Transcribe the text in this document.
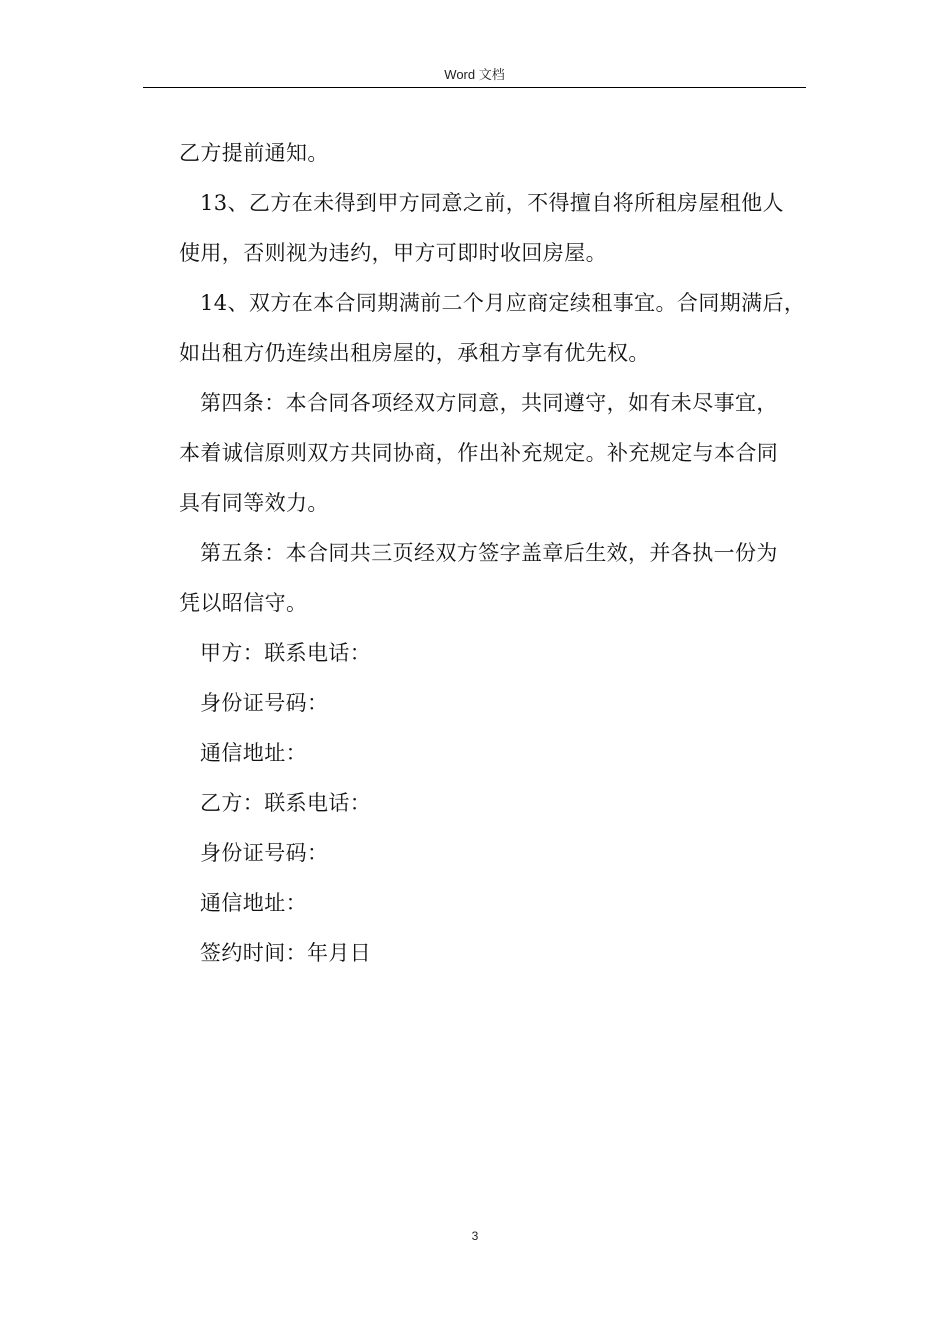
Word 文档
乙方提前通知。
13、乙方在未得到甲方同意之前，不得擅自将所租房屋租他人
使用，否则视为违约，甲方可即时收回房屋。
14、双方在本合同期满前二个月应商定续租事宜。合同期满后，
如出租方仍连续出租房屋的，承租方享有优先权。
第四条：本合同各项经双方同意，共同遵守，如有未尽事宜，
本着诚信原则双方共同协商，作出补充规定。补充规定与本合同
具有同等效力。
第五条：本合同共三页经双方签字盖章后生效，并各执一份为
凭以昭信守。
甲方：联系电话：
身份证号码：
通信地址：
乙方：联系电话：
身份证号码：
通信地址：
签约时间：年月日
3
